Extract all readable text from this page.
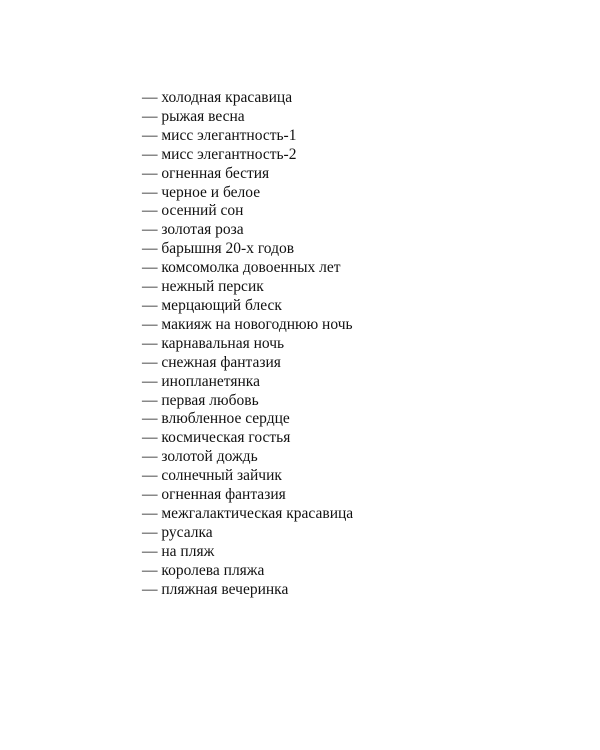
— холодная красавица
— рыжая весна
— мисс элегантность-1
— мисс элегантность-2
— огненная бестия
— черное и белое
— осенний сон
— золотая роза
— барышня 20-х годов
— комсомолка довоенных лет
— нежный персик
— мерцающий блеск
— макияж на новогоднюю ночь
— карнавальная ночь
— снежная фантазия
— инопланетянка
— первая любовь
— влюбленное сердце
— космическая гостья
— золотой дождь
— солнечный зайчик
— огненная фантазия
— межгалактическая красавица
— русалка
— на пляж
— королева пляжа
— пляжная вечеринка
